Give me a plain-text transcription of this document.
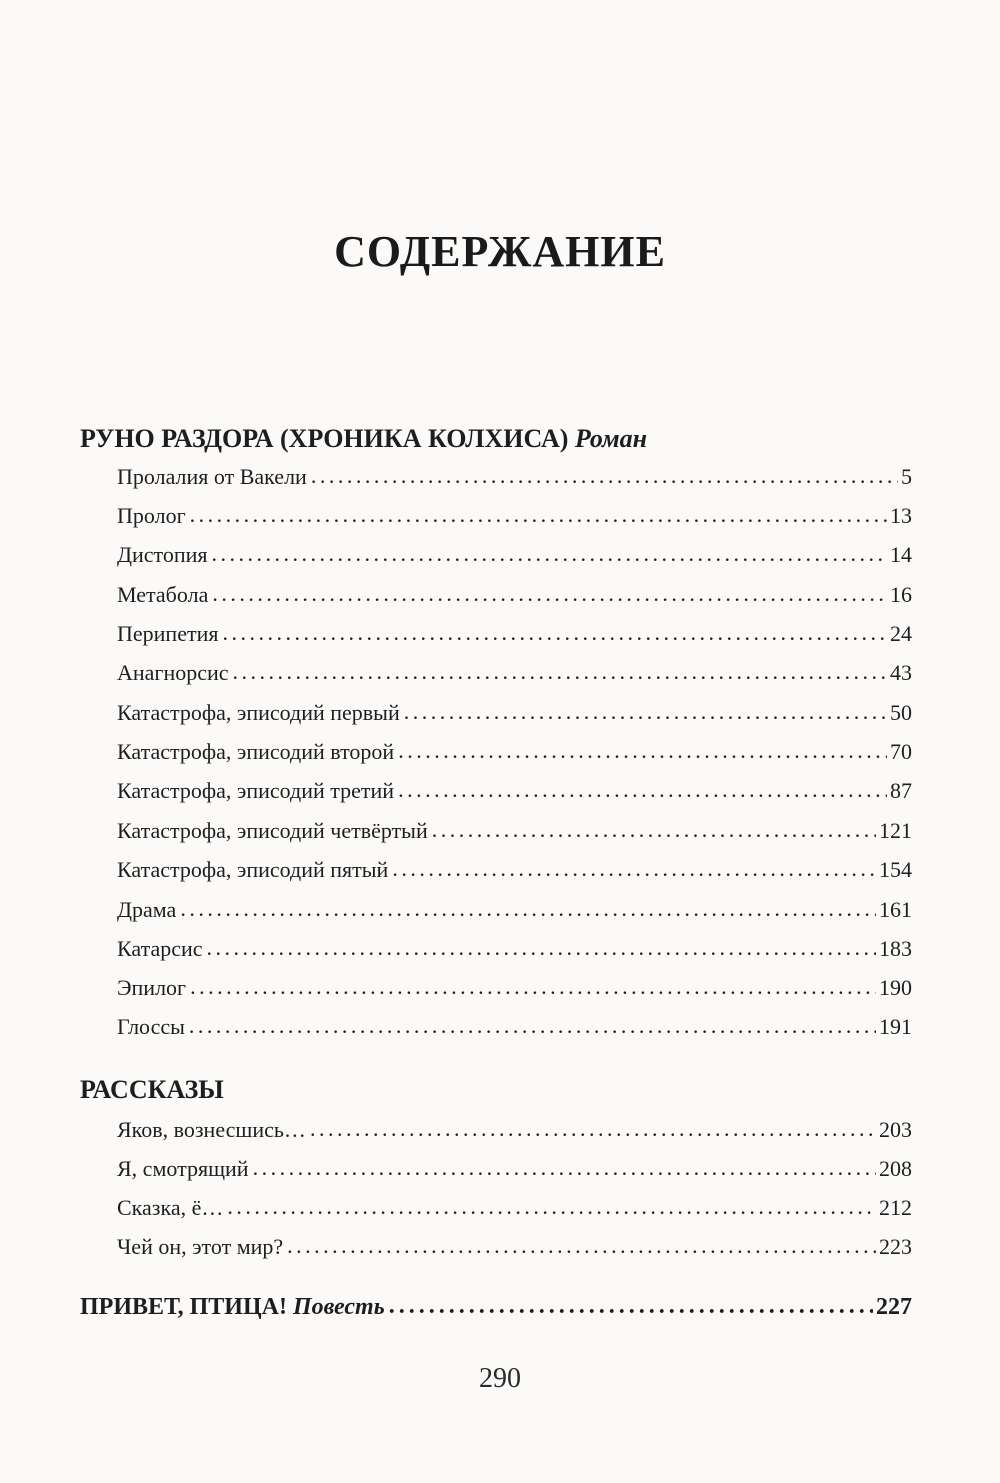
СОДЕРЖАНИЕ
РУНО РАЗДОРА (ХРОНИКА КОЛХИСА) Роман
Пролалия от Вакели . . .	5
Пролог . . .	13
Дистопия . . .	14
Метабола . . .	16
Перипетия . . .	24
Анагнорсис . . .	43
Катастрофа, эписодий первый . . .	50
Катастрофа, эписодий второй . . .	70
Катастрофа, эписодий третий . . .	87
Катастрофа, эписодий четвёртый . . .	121
Катастрофа, эписодий пятый . . .	154
Драма . . .	161
Катарсис . . .	183
Эпилог . . .	190
Глоссы . . .	191
РАССКАЗЫ
Яков, вознесшись… . . .	203
Я, смотрящий . . .	208
Сказка, ё… . . .	212
Чей он, этот мир? . . .	223
ПРИВЕТ, ПТИЦА! Повесть . . .	227
290
